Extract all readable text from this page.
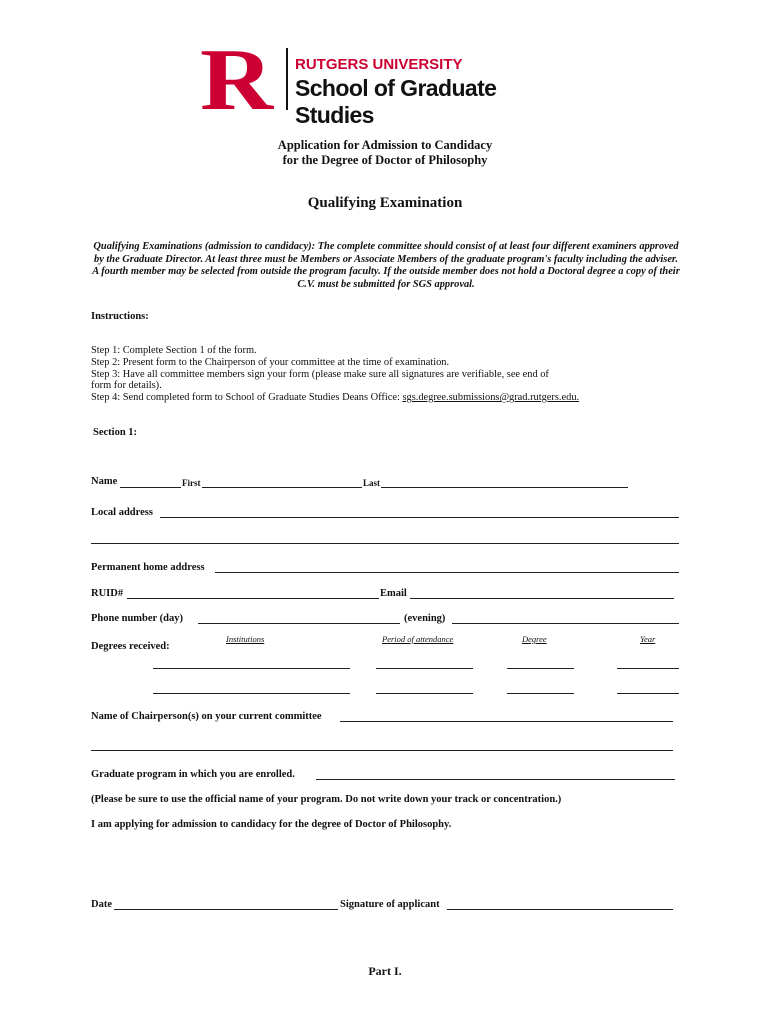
R RUTGERS UNIVERSITY
School of Graduate Studies
Application for Admission to Candidacy
for the Degree of Doctor of Philosophy
Qualifying Examination
Qualifying Examinations (admission to candidacy): The complete committee should consist of at least four different examiners approved by the Graduate Director. At least three must be Members or Associate Members of the graduate program's faculty including the adviser. A fourth member may be selected from outside the program faculty. If the outside member does not hold a Doctoral degree a copy of their C.V. must be submitted for SGS approval.
Instructions:
Step 1: Complete Section 1 of the form.
Step 2: Present form to the Chairperson of your committee at the time of examination.
Step 3: Have all committee members sign your form (please make sure all signatures are verifiable, see end of
form for details).
Step 4: Send completed form to School of Graduate Studies Deans Office: sgs.degree.submissions@grad.rutgers.edu.
Section 1:
Name	First	Last
Local address
Permanent home address
RUID#	Email
Phone number (day)	(evening)
Degrees received:
Institutions	Period of attendance	Degree	Year
Name of Chairperson(s) on your current committee
Graduate program in which you are enrolled.
(Please be sure to use the official name of your program. Do not write down your track or concentration.)
I am applying for admission to candidacy for the degree of Doctor of Philosophy.
Date	Signature of applicant
Part I.
